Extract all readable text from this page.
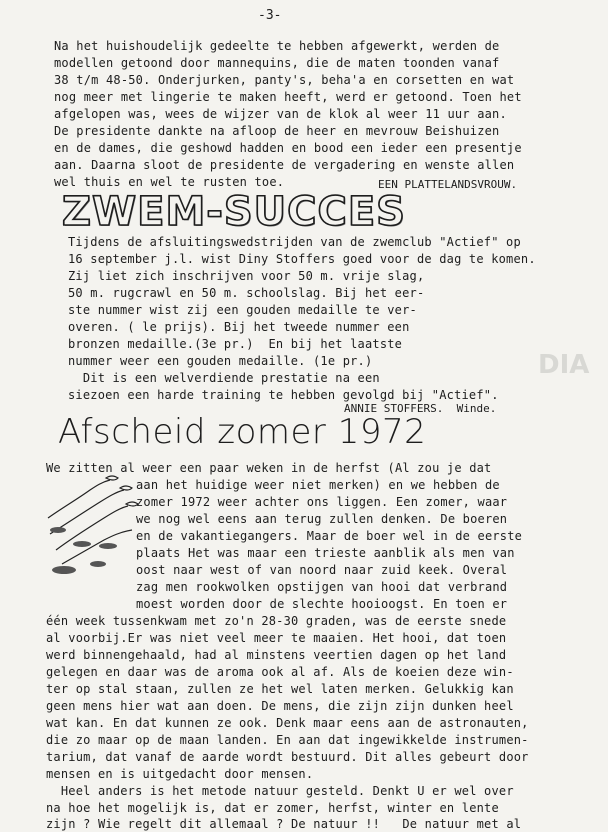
-3-
DIA
Na het huishoudelijk gedeelte te hebben afgewerkt, werden de
modellen getoond door mannequins, die de maten toonden vanaf
38 t/m 48-50. Onderjurken, panty's, beha'a en corsetten en wat
nog meer met lingerie te maken heeft, werd er getoond. Toen het
afgelopen was, wees de wijzer van de klok al weer 11 uur aan.
De presidente dankte na afloop de heer en mevrouw Beishuizen
en de dames, die geshowd hadden en bood een ieder een presentje
aan. Daarna sloot de presidente de vergadering en wenste allen
wel thuis en wel te rusten toe.	EEN PLATTELANDSVROUW.
ZWEM-SUCCES
Tijdens de afsluitingswedstrijden van de zwemclub "Actief" op
16 september j.l. wist Diny Stoffers goed voor de dag te komen.
Zij liet zich inschrijven voor 50 m. vrije slag,
50 m. rugcrawl en 50 m. schoolslag. Bij het eer-
ste nummer wist zij een gouden medaille te ver-
overen. ( le prijs). Bij het tweede nummer een
bronzen medaille.(3e pr.)  En bij het laatste
nummer weer een gouden medaille. (1e pr.)
Dit is een welverdiende prestatie na een
siezoen een harde training te hebben gevolgd bij "Actief".
ANNIE STOFFERS.  Winde.
Afscheid zomer 1972
We zitten al weer een paar weken in de herfst (Al zou je dat
aan het huidige weer niet merken) en we hebben de
zomer 1972 weer achter ons liggen. Een zomer, waar
we nog wel eens aan terug zullen denken. De boeren
en de vakantiegangers. Maar de boer wel in de eerste
plaats Het was maar een trieste aanblik als men van
oost naar west of van noord naar zuid keek. Overal
zag men rookwolken opstijgen van hooi dat verbrand
moest worden door de slechte hooioogst. En toen er
één week tussenkwam met zo'n 28-30 graden, was de eerste snede
al voorbij.Er was niet veel meer te maaien. Het hooi, dat toen
werd binnengehaald, had al minstens veertien dagen op het land
gelegen en daar was de aroma ook al af. Als de koeien deze win-
ter op stal staan, zullen ze het wel laten merken. Gelukkig kan
geen mens hier wat aan doen. De mens, die zijn zijn dunken heel
wat kan. En dat kunnen ze ook. Denk maar eens aan de astronauten,
die zo maar op de maan landen. En aan dat ingewikkelde instrumen-
tarium, dat vanaf de aarde wordt bestuurd. Dit alles gebeurt door
mensen en is uitgedacht door mensen.
Heel anders is het metode natuur gesteld. Denkt U er wel over
na hoe het mogelijk is, dat er zomer, herfst, winter en lente
zijn ? Wie regelt dit allemaal ? De natuur !!   De natuur met al
